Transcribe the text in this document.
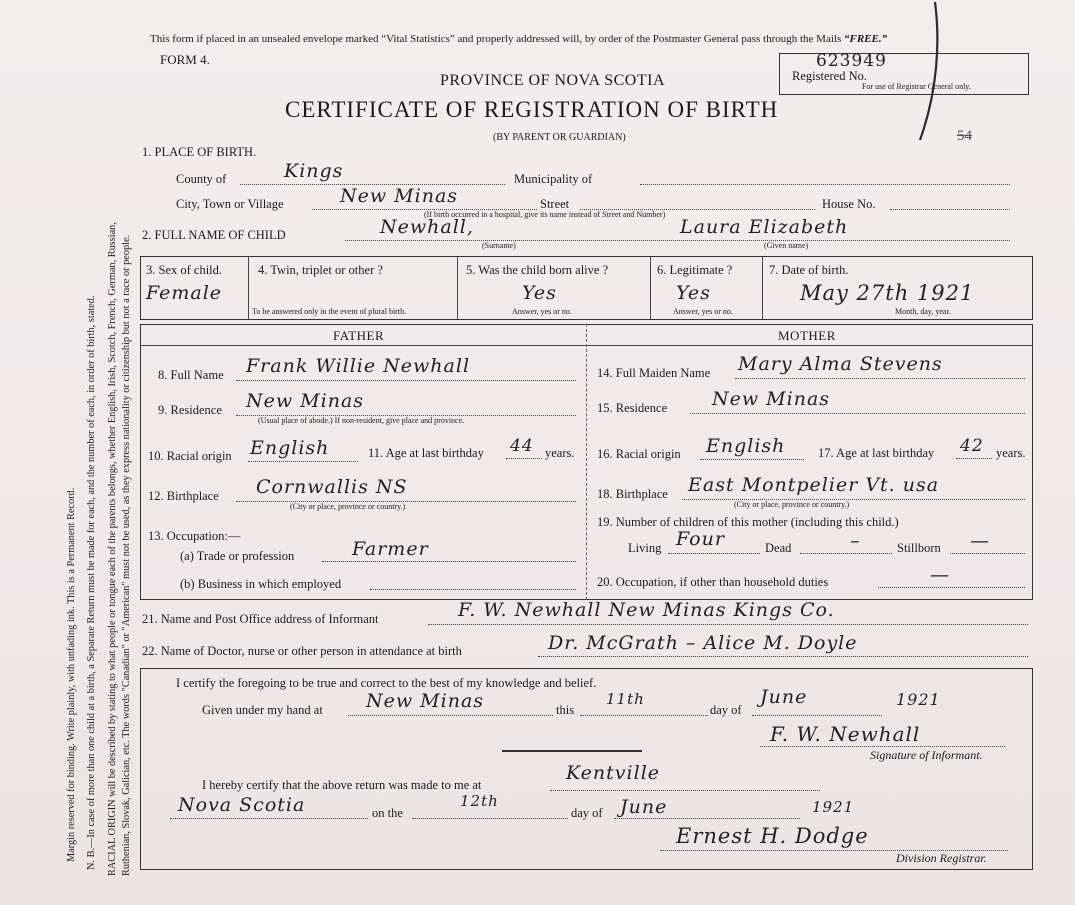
Margin reserved for binding. Write plainly, with unfading ink. This is a Permanent Record. N. B.—In case of more than one child at a birth, a Separate Return must be made for each, and the number of each, in order of birth, stated. RACIAL ORIGIN will be described by stating to what people or tongue each of the parents belongs, whether English, Irish, Scotch, French, German, Russian, Ruthenian, Slovak, Galician, etc. The words "Canadian" or "American" must not be used, as they express nationality or citizenship but not a race or people.
This form if placed in an unsealed envelope marked “Vital Statistics” and properly addressed will, by order of the Postmaster General pass through the Mails “FREE.”
FORM 4.
PROVINCE OF NOVA SCOTIA
CERTIFICATE OF REGISTRATION OF BIRTH
(BY PARENT OR GUARDIAN)
Registered No.
623949
For use of Registrar General only.
54
1. PLACE OF BIRTH.
County of	Kings	Municipality of
City, Town or Village	New Minas	Street	House No.
(If birth occurred in a hospital, give its name instead of Street and Number)
2. FULL NAME OF CHILD	Newhall,
(Surname)
Laura Elizabeth
(Given name)
3. Sex of child.
Female
4. Twin, triplet or other ?
To be answered only in the event of plural birth.
5. Was the child born alive ?
Yes
Answer, yes or no.
6. Legitimate ?
Yes
Answer, yes or no.
7. Date of birth.
May 27th 1921
Month, day, year.
FATHER	MOTHER
8. Full Name Frank Willie Newhall
9. Residence New Minas
(Usual place of abode.) If non-resident, give place and province.
10. Racial origin English	11. Age at last birthday 44 years.
12. Birthplace Cornwallis NS
(City or place, province or country.)
13. Occupation:—
(a) Trade or profession	Farmer
(b) Business in which employed
14. Full Maiden Name Mary Alma Stevens
15. Residence New Minas
16. Racial origin English	17. Age at last birthday 42 years.
18. Birthplace East Montpelier Vt. usa
(City or place, province or country.)
19. Number of children of this mother (including this child.)
Living Four	Dead	–	Stillborn —
20. Occupation, if other than household duties	—
21. Name and Post Office address of Informant	F. W. Newhall New Minas Kings Co.
22. Name of Doctor, nurse or other person in attendance at birth	Dr. McGrath – Alice M. Doyle
I certify the foregoing to be true and correct to the best of my knowledge and belief.
Given under my hand at New Minas	this
11th
day of
June	1921
F. W. Newhall
Signature of Informant.
I hereby certify that the above return was made to me at
Kentville
Nova Scotia	on the
12th
day of June	1921
Ernest H. Dodge
Division Registrar.
